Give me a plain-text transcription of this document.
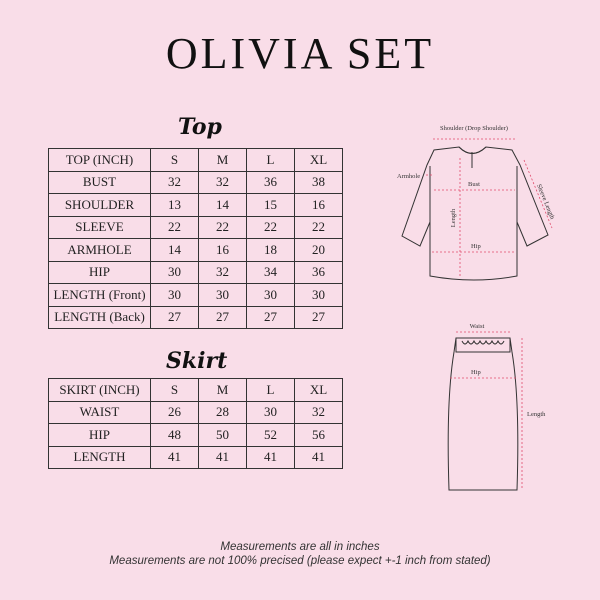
OLIVIA SET
Top
TOP (INCH)	S	M	L	XL
BUST	32	32	36	38
SHOULDER	13	14	15	16
SLEEVE	22	22	22	22
ARMHOLE	14	16	18	20
HIP	30	32	34	36
LENGTH (Front)	30	30	30	30
LENGTH (Back)	27	27	27	27
Skirt
SKIRT (INCH)	S	M	L	XL
WAIST	26	28	30	32
HIP	48	50	52	56
LENGTH	41	41	41	41
Shoulder (Drop Shoulder)
Armhole
Bust
Length	Sleeve Length
Hip
Waist
Hip
Length
Measurements are all in inches
Measurements are not 100% precised (please expect +-1 inch from stated)
